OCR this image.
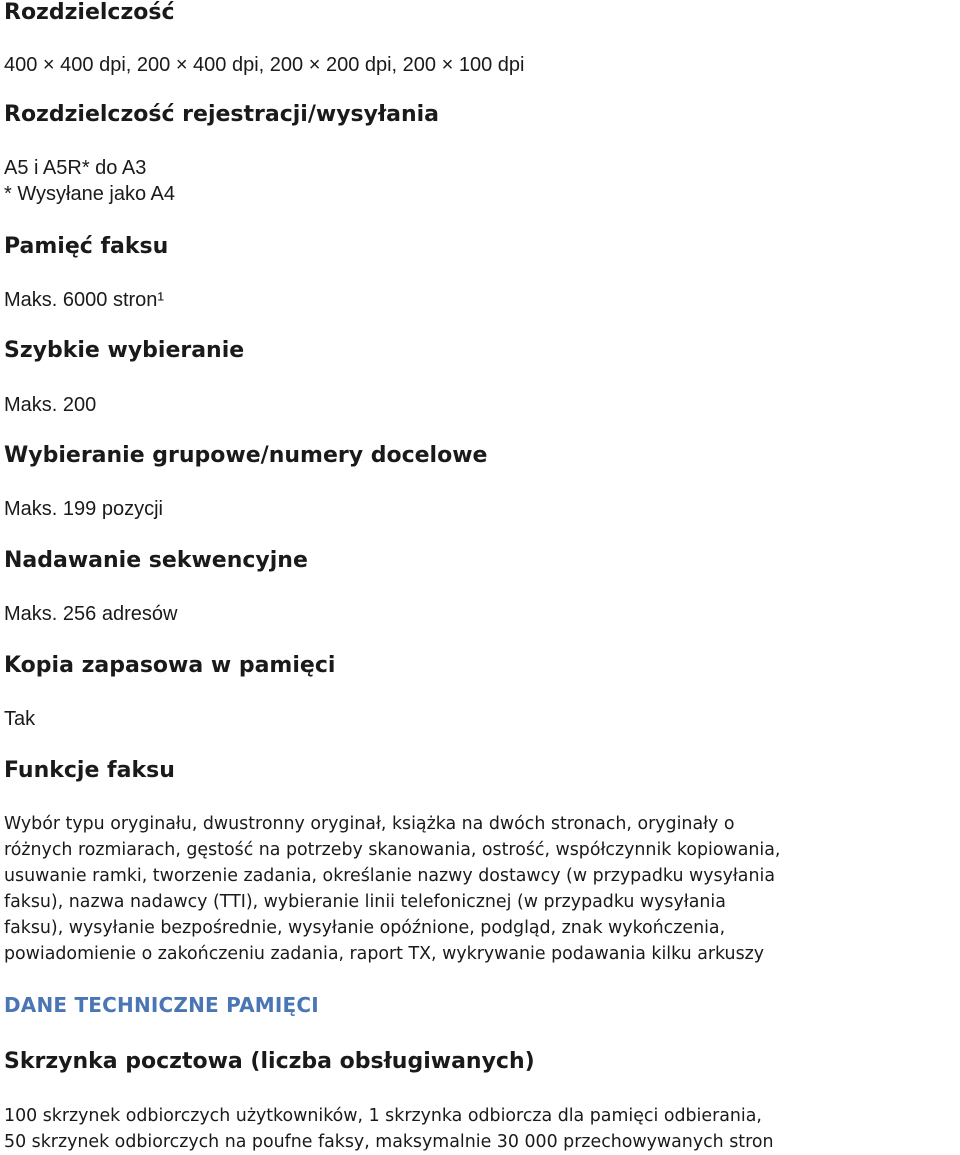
Rozdzielczość

400 × 400 dpi, 200 × 400 dpi, 200 × 200 dpi, 200 × 100 dpi

Rozdzielczość rejestracji/wysyłania

A5 i A5R* do A3

* Wysyłane jako A4

Pamięć faksu

Maks. 6000 stron¹

Szybkie wybieranie

Maks. 200

Wybieranie grupowe/numery docelowe

Maks. 199 pozycji

Nadawanie sekwencyjne

Maks. 256 adresów

Kopia zapasowa w pamięci

Tak

Funkcje faksu
Wybór typu oryginału, dwustronny oryginał, książka na dwóch stronach, oryginały o
różnych rozmiarach, gęstość na potrzeby skanowania, ostrość, współczynnik kopiowania,
usuwanie ramki, tworzenie zadania, określanie nazwy dostawcy (w przypadku wysyłania
faksu), nazwa nadawcy (TTI), wybieranie linii telefonicznej (w przypadku wysyłania
faksu), wysyłanie bezpośrednie, wysyłanie opóźnione, podgląd, znak wykończenia,
powiadomienie o zakończeniu zadania, raport TX, wykrywanie podawania kilku arkuszy
DANE TECHNICZNE PAMIĘCI
Skrzynka pocztowa (liczba obsługiwanych)
100 skrzynek odbiorczych użytkowników, 1 skrzynka odbiorcza dla pamięci odbierania,
50 skrzynek odbiorczych na poufne faksy, maksymalnie 30 000 przechowywanych stron
